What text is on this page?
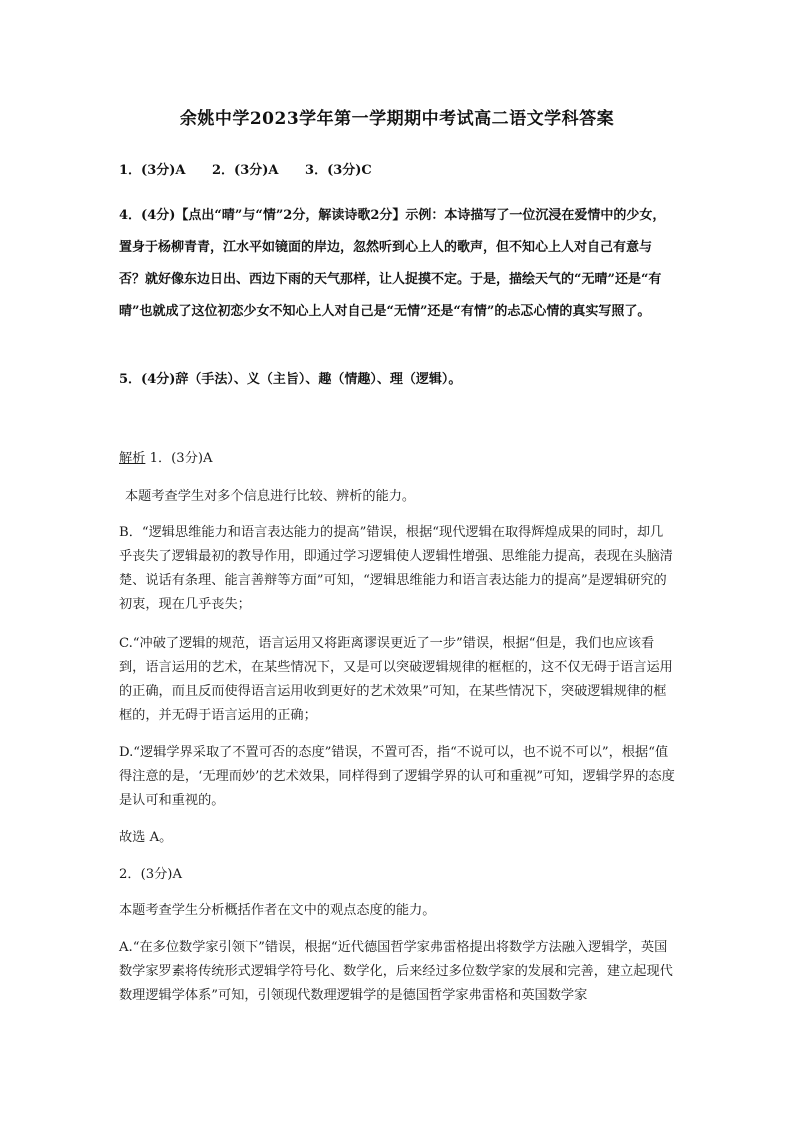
余姚中学2023学年第一学期期中考试高二语文学科答案
1．(3分)A 2．(3分)A 3．(3分)C
4．(4分)【点出“晴”与“情”2分，解读诗歌2分】示例：本诗描写了一位沉浸在爱情中的少女，置身于杨柳青青，江水平如镜面的岸边，忽然听到心上人的歌声，但不知心上人对自己有意与否？就好像东边日出、西边下雨的天气那样，让人捉摸不定。于是，描绘天气的“无晴”还是“有晴”也就成了这位初恋少女不知心上人对自己是“无情”还是“有情”的忐忑心情的真实写照了。
5．(4分)辞（手法）、义（主旨）、趣（情趣）、理（逻辑）。
解析 1．(3分)A
本题考查学生对多个信息进行比较、辨析的能力。
B．“逻辑思维能力和语言表达能力的提高”错误，根据“现代逻辑在取得辉煌成果的同时，却几乎丧失了逻辑最初的教导作用，即通过学习逻辑使人逻辑性增强、思维能力提高，表现在头脑清楚、说话有条理、能言善辩等方面”可知，“逻辑思维能力和语言表达能力的提高”是逻辑研究的初衷，现在几乎丧失；
C.“冲破了逻辑的规范，语言运用又将距离谬误更近了一步”错误，根据“但是，我们也应该看到，语言运用的艺术，在某些情况下，又是可以突破逻辑规律的框框的，这不仅无碍于语言运用的正确，而且反而使得语言运用收到更好的艺术效果”可知，在某些情况下，突破逻辑规律的框框的，并无碍于语言运用的正确；
D.“逻辑学界采取了不置可否的态度”错误，不置可否，指“不说可以，也不说不可以”，根据“值得注意的是，‘无理而妙’的艺术效果，同样得到了逻辑学界的认可和重视”可知，逻辑学界的态度是认可和重视的。
故选 A。
2．(3分)A
本题考查学生分析概括作者在文中的观点态度的能力。
A.“在多位数学家引领下”错误，根据“近代德国哲学家弗雷格提出将数学方法融入逻辑学，英国数学家罗素将传统形式逻辑学符号化、数学化，后来经过多位数学家的发展和完善，建立起现代数理逻辑学体系”可知，引领现代数理逻辑学的是德国哲学家弗雷格和英国数学家
